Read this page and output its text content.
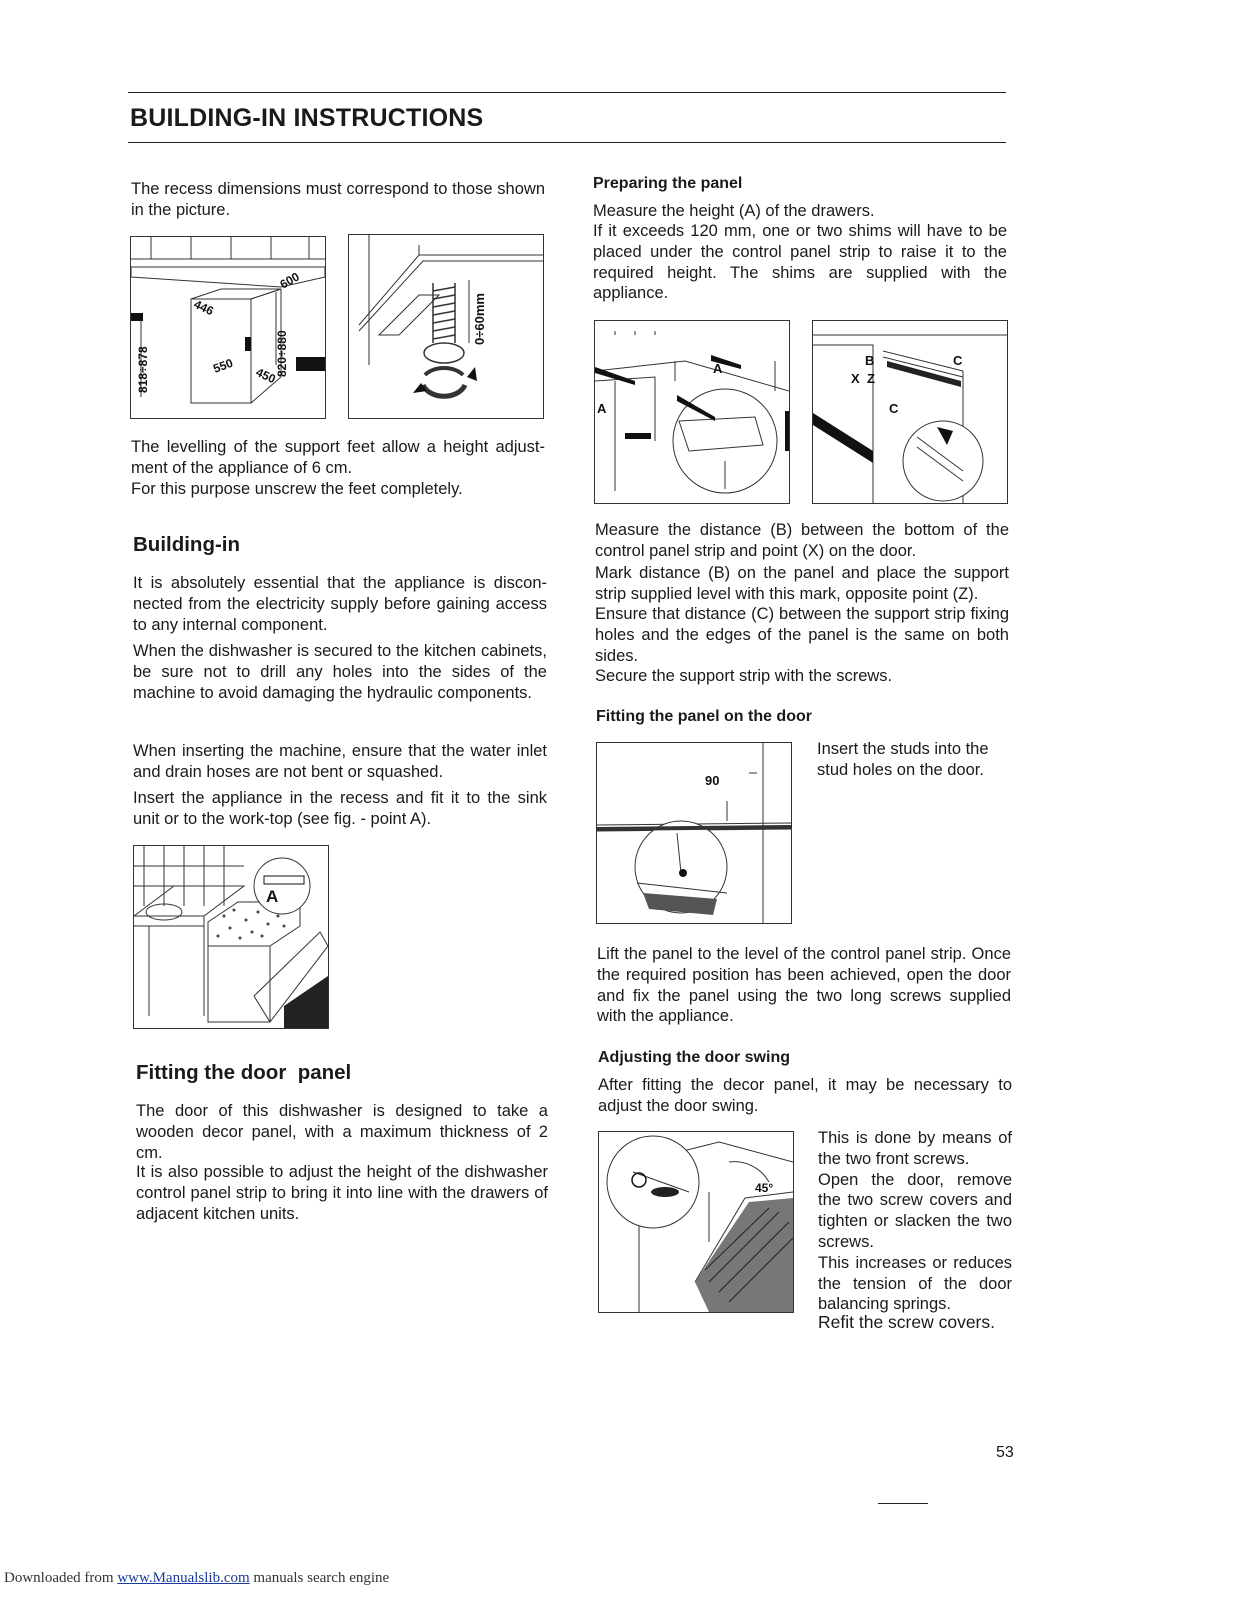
BUILDING-IN INSTRUCTIONS
The recess dimensions must correspond to those shown in the picture.
600
446
820÷880
818÷878	550 450
0÷60mm
The levelling of the support feet allow a height adjust-ment of the appliance of 6 cm.
For this purpose unscrew the feet completely.
Building-in
It is absolutely essential that the appliance is discon-nected from the electricity supply before gaining access to any internal component.
When the dishwasher is secured to the kitchen cabinets, be sure not to drill any holes into the sides of the machine to avoid damaging the hydraulic components.
When inserting the machine, ensure that the water inlet and drain hoses are not bent or squashed.
Insert the appliance in the recess and fit it to the sink unit or to the work-top (see fig. - point A).
A
Fitting the door  panel
The door of this dishwasher is designed to take a wooden decor panel, with a maximum thickness of 2 cm.
It is also possible to adjust the height of the dishwasher control panel strip to bring it into line with the drawers of adjacent kitchen units.
Preparing the panel
Measure the height (A) of the drawers.
If it exceeds 120 mm, one or two shims will have to be placed under the control panel strip to raise it to the required height. The shims are supplied with the appliance.
A
A
B	C
X Z
C
Measure the distance (B) between the bottom of the control panel strip and point (X) on the door.
Mark distance (B) on the panel and place the support strip supplied level with this mark, opposite point (Z).
Ensure that distance (C) between the support strip fixing holes and the edges of the panel is the same on both sides.
Secure the support strip with the screws.
Fitting the panel on the door
90
Insert the studs into the stud holes on the door.
Lift the panel to the level of the control panel strip. Once the required position has been achieved, open the door and fix the panel using the two long screws supplied with the appliance.
Adjusting the door swing
After fitting the decor panel, it may be necessary to adjust the door swing.
45°
This is done by means of the two front screws.
Open the door, remove the two screw covers and tighten or slacken the two screws.
This increases or reduces the tension of the door balancing springs.
Refit the screw covers.
53
Downloaded from www.Manualslib.com manuals search engine
